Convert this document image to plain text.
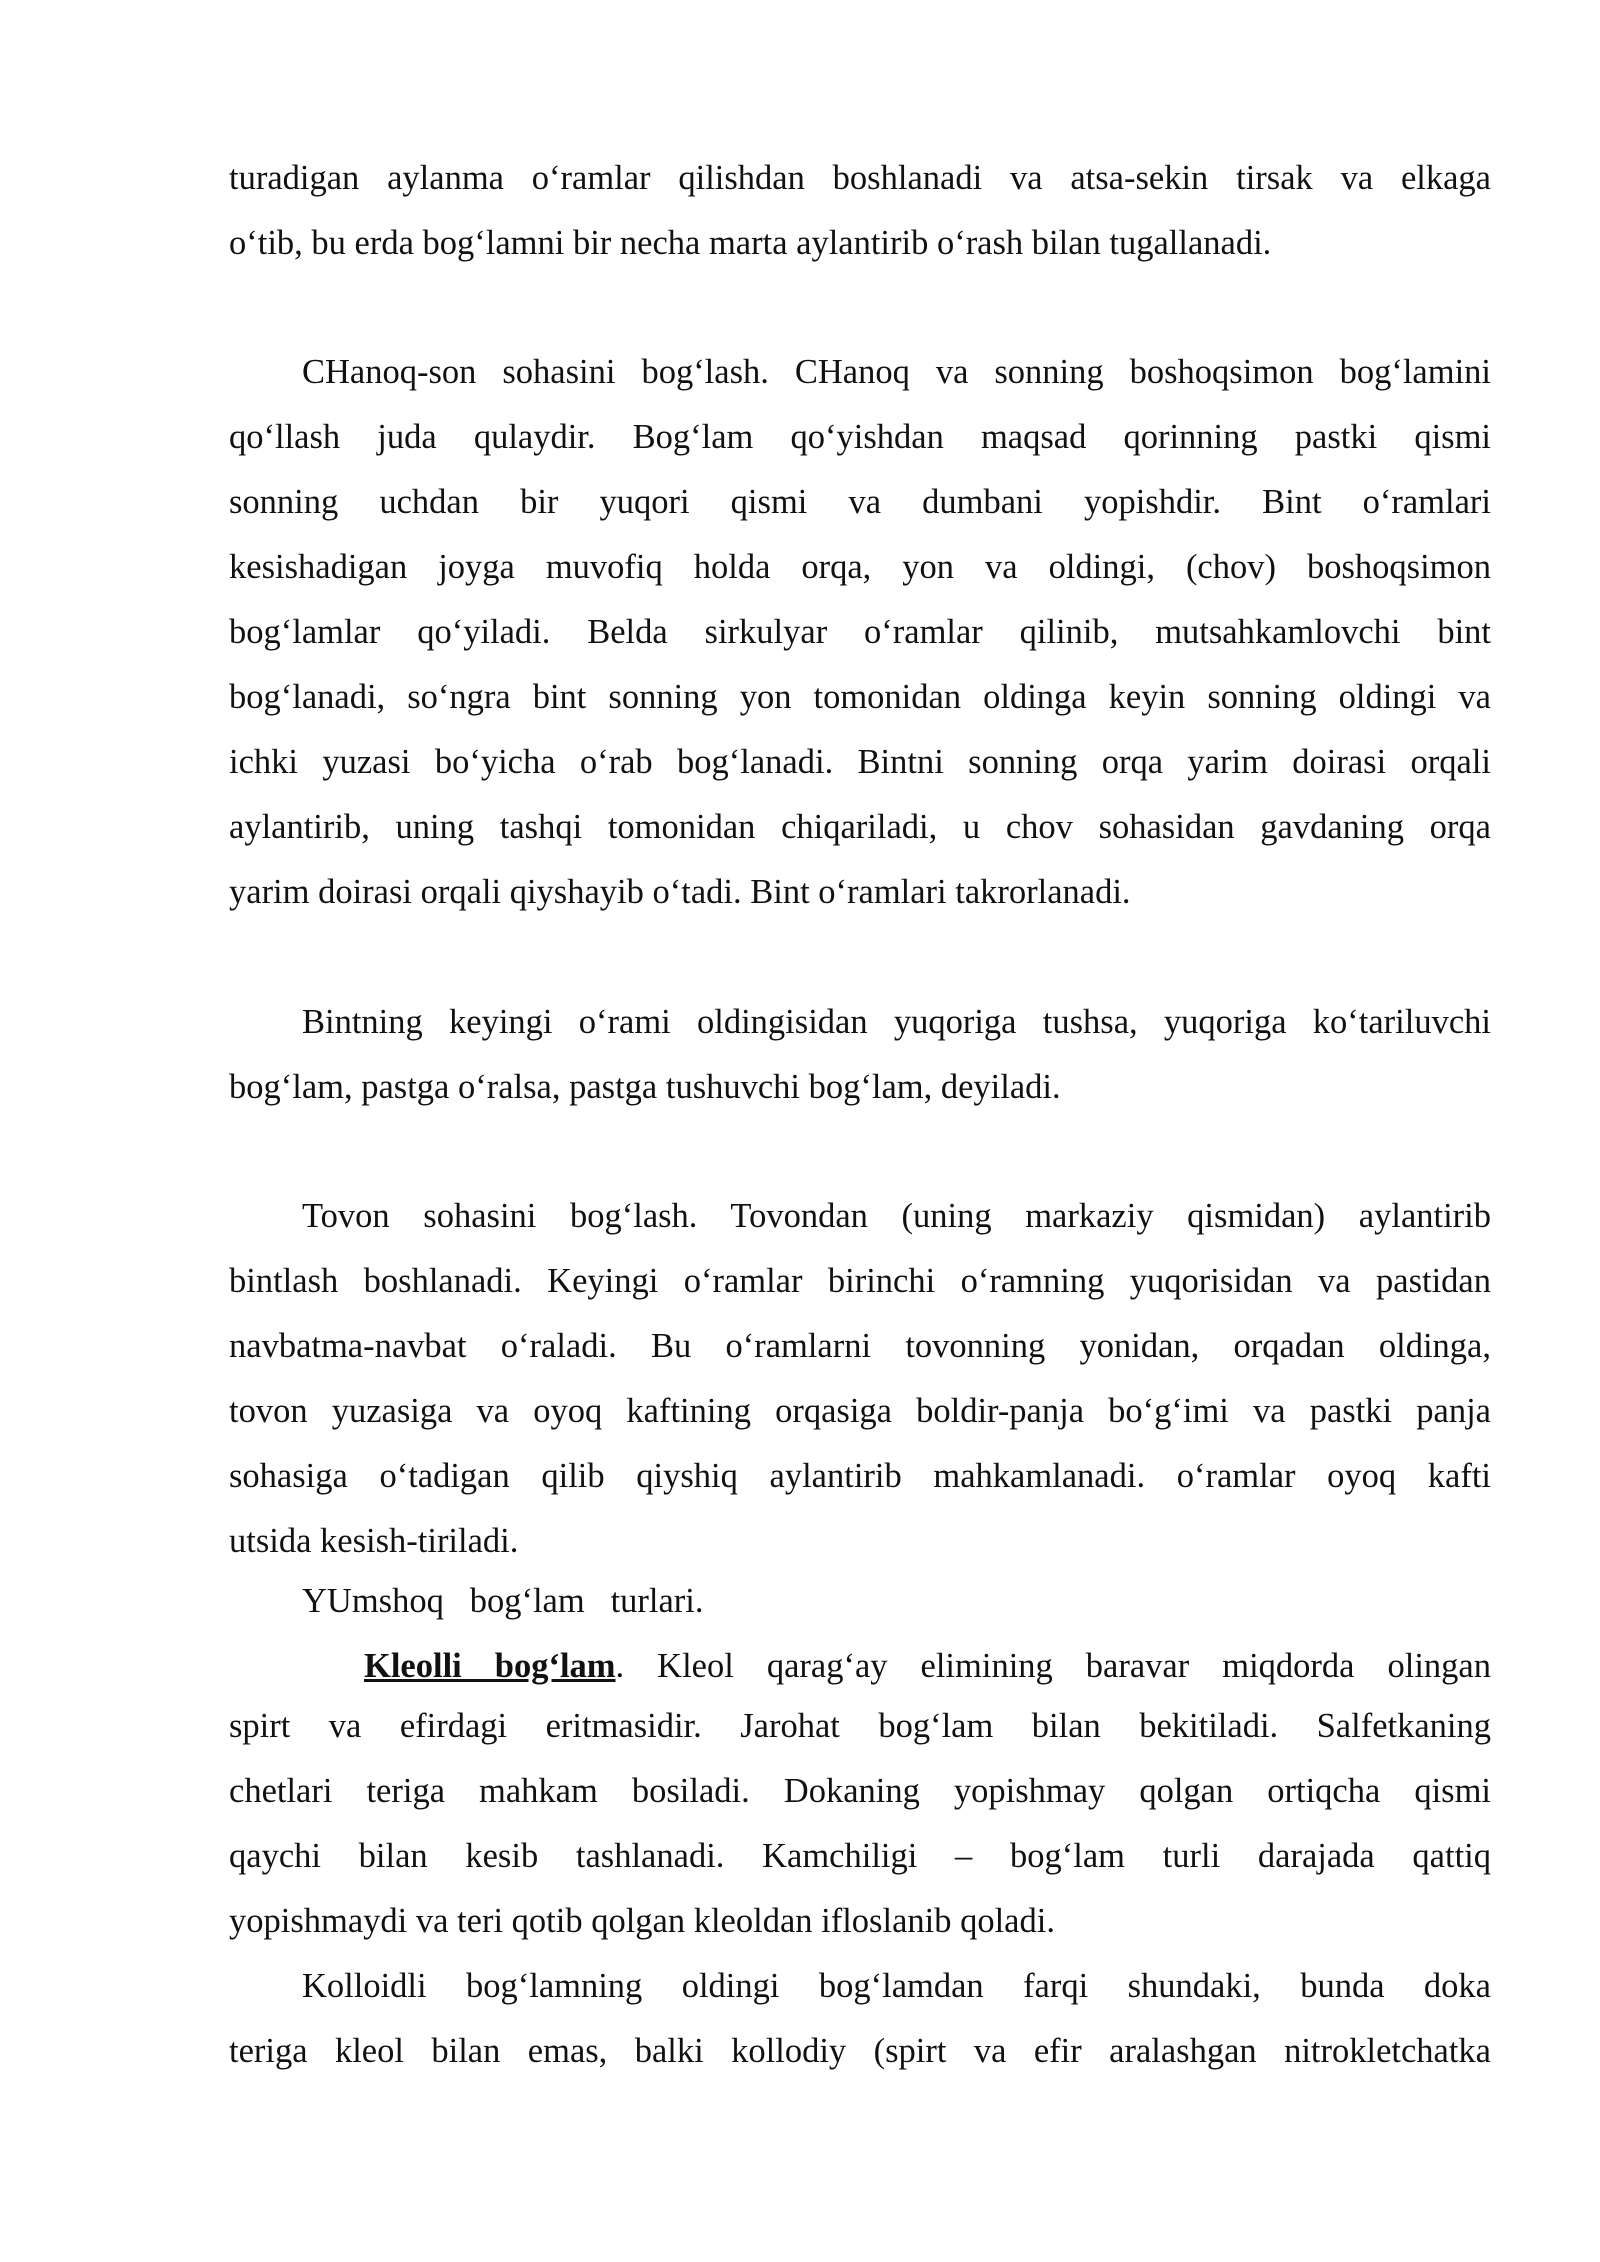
turadigan aylanma o‘ramlar qilishdan boshlanadi va atsa-sekin tirsak va elkaga
o‘tib, bu erda bog‘lamni bir necha marta aylantirib o‘rash bilan tugallanadi.
CHanoq-son sohasini bog‘lash. CHanoq va sonning boshoqsimon bog‘lamini
qo‘llash juda qulaydir. Bog‘lam qo‘yishdan maqsad qorinning pastki qismi
sonning uchdan bir yuqori qismi va dumbani yopishdir. Bint o‘ramlari
kesishadigan joyga muvofiq holda orqa, yon va oldingi, (chov) boshoqsimon
bog‘lamlar qo‘yiladi. Belda sirkulyar o‘ramlar qilinib, mutsahkamlovchi bint
bog‘lanadi, so‘ngra bint sonning yon tomonidan oldinga keyin sonning oldingi va
ichki yuzasi bo‘yicha o‘rab bog‘lanadi. Bintni sonning orqa yarim doirasi orqali
aylantirib, uning tashqi tomonidan chiqariladi, u chov sohasidan gavdaning orqa
yarim doirasi orqali qiyshayib o‘tadi. Bint o‘ramlari takrorlanadi.
Bintning keyingi o‘rami oldingisidan yuqoriga tushsa, yuqoriga ko‘tariluvchi
bog‘lam, pastga o‘ralsa, pastga tushuvchi bog‘lam, deyiladi.
Tovon sohasini bog‘lash. Tovondan (uning markaziy qismidan) aylantirib
bintlash boshlanadi. Keyingi o‘ramlar birinchi o‘ramning yuqorisidan va pastidan
navbatma-navbat o‘raladi. Bu o‘ramlarni tovonning yonidan, orqadan oldinga,
tovon yuzasiga va oyoq kaftining orqasiga boldir-panja bo‘g‘imi va pastki panja
sohasiga o‘tadigan qilib qiyshiq aylantirib mahkamlanadi. o‘ramlar oyoq kafti
utsida kesish-tiriladi.
YUmshoq   bog‘lam   turlari.
Kleolli bog‘lam. Kleol qarag‘ay elimining baravar miqdorda olingan
spirt va efirdagi eritmasidir. Jarohat bog‘lam bilan bekitiladi. Salfetkaning
chetlari teriga mahkam bosiladi. Dokaning yopishmay qolgan ortiqcha qismi
qaychi bilan kesib tashlanadi. Kamchiligi – bog‘lam turli darajada qattiq
yopishmaydi va teri qotib qolgan kleoldan ifloslanib qoladi.
Kolloidli bog‘lamning oldingi bog‘lamdan farqi shundaki, bunda doka
teriga kleol bilan emas, balki kollodiy (spirt va efir aralashgan nitrokletchatka
